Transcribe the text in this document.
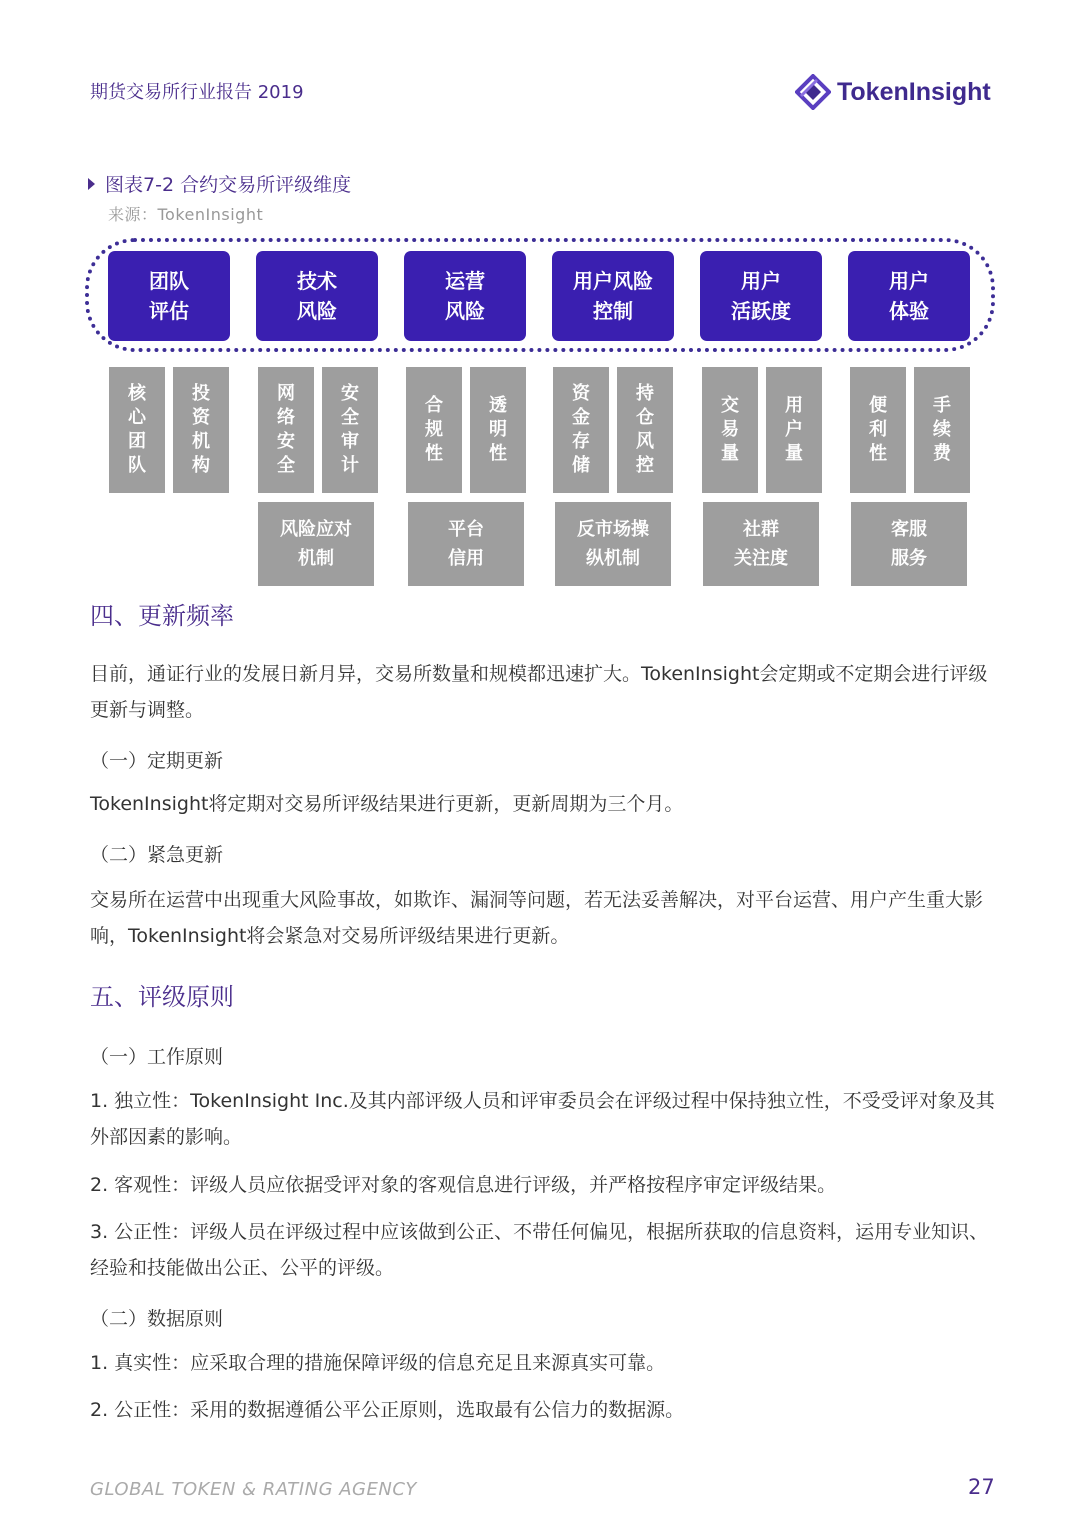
期货交易所行业报告 2019	TokenInsight
图表7-2 合约交易所评级维度
来源：TokenInsight
团队
评估
技术
风险
运营
风险
用户风险
控制
用户
活跃度
用户
体验
核
心
团
队
投
资
机
构
网
络
安
全
安
全
审
计
合
规
性
透
明
性
资
金
存
储
持
仓
风
控
交
易
量
用
户
量
便
利
性
手
续
费
风险应对
机制
平台
信用
反市场操
纵机制
社群
关注度
客服
服务
四、更新频率
目前，通证行业的发展日新月异，交易所数量和规模都迅速扩大。TokenInsight会定期或不定期会进行评级更新与调整。
（一）定期更新
TokenInsight将定期对交易所评级结果进行更新，更新周期为三个月。
（二）紧急更新
交易所在运营中出现重大风险事故，如欺诈、漏洞等问题，若无法妥善解决，对平台运营、用户产生重大影响，TokenInsight将会紧急对交易所评级结果进行更新。
五、评级原则
（一）工作原则
1. 独立性：TokenInsight Inc.及其内部评级人员和评审委员会在评级过程中保持独立性，不受受评对象及其外部因素的影响。
2. 客观性：评级人员应依据受评对象的客观信息进行评级，并严格按程序审定评级结果。
3. 公正性：评级人员在评级过程中应该做到公正、不带任何偏见，根据所获取的信息资料，运用专业知识、经验和技能做出公正、公平的评级。
（二）数据原则
1. 真实性：应采取合理的措施保障评级的信息充足且来源真实可靠。
2. 公正性：采用的数据遵循公平公正原则，选取最有公信力的数据源。
GLOBAL TOKEN & RATING AGENCY	27
